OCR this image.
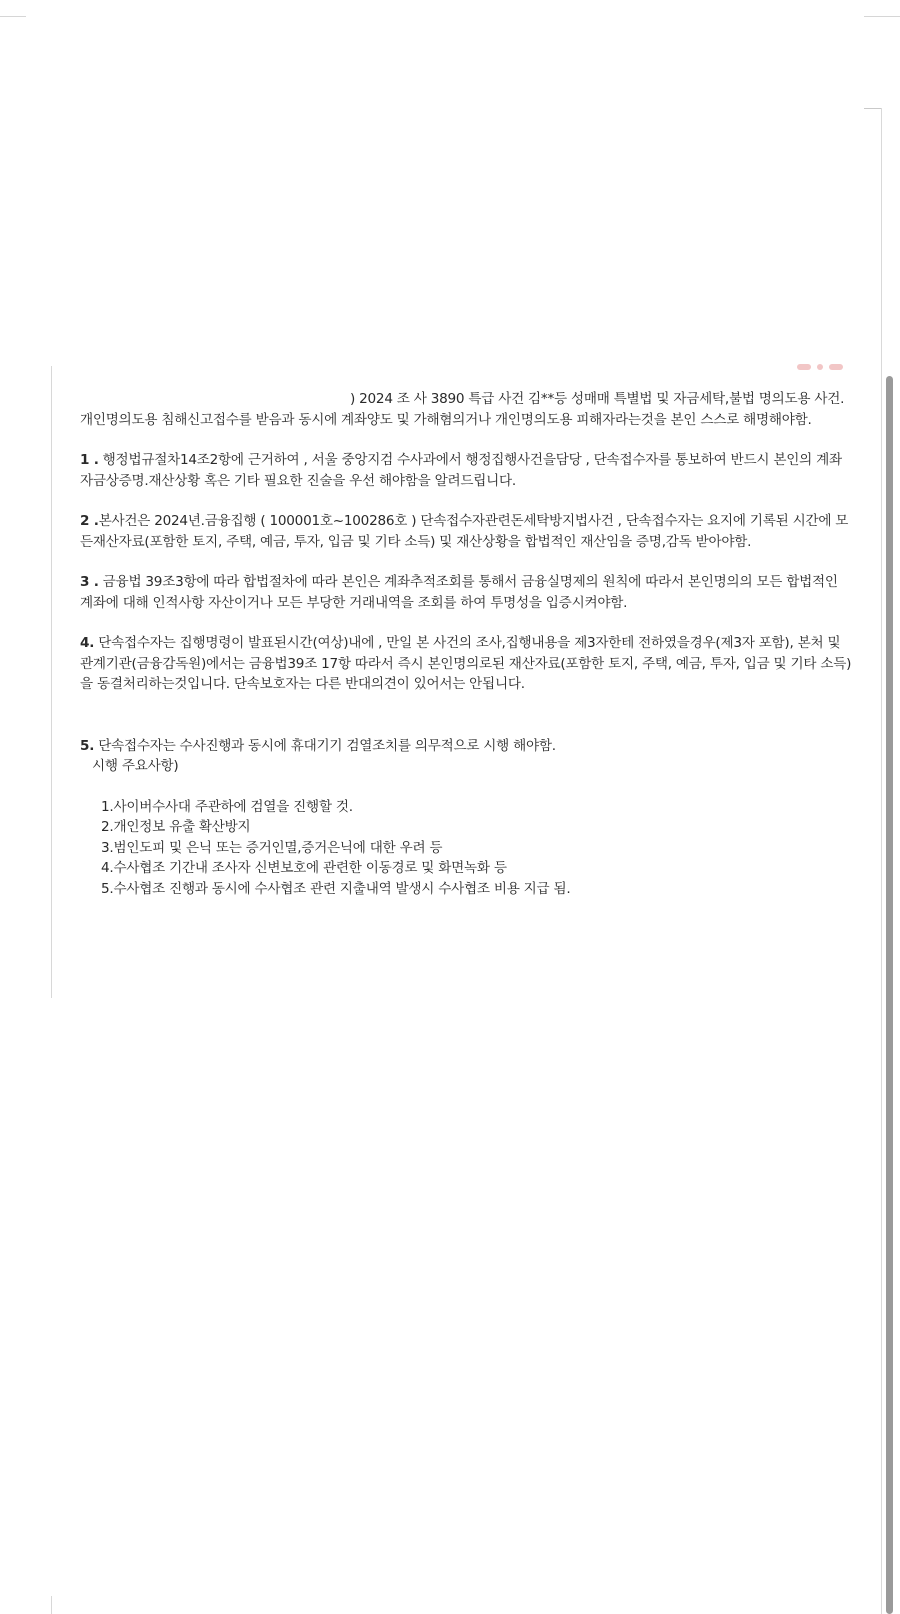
) 2024 조 사 3890 특급 사건 김**등 성매매 특별법 및 자금세탁,불법 명의도용 사건. 개인명의도용 침해신고접수를 받음과 동시에 계좌양도 및 가해혐의거나 개인명의도용 피해자라는것을 본인 스스로 해명해야함.

1 . 행정법규절차14조2항에 근거하여 , 서울 중앙지검 수사과에서 행정집행사건을담당 , 단속접수자를 통보하여 반드시 본인의 계좌자금상증명.재산상황 혹은 기타 필요한 진술을 우선 해야함을 알려드립니다.

2 .본사건은 2024년.금융집행 ( 100001호~100286호 ) 단속접수자관련돈세탁방지법사건 , 단속접수자는 요지에 기록된 시간에 모든재산자료(포함한 토지, 주택, 예금, 투자, 입금 및 기타 소득) 및 재산상황을 합법적인 재산임을 증명,감독 받아야함.

3 . 금융법 39조3항에 따라 합법절차에 따라 본인은 계좌추적조회를 통해서 금융실명제의 원칙에 따라서 본인명의의 모든 합법적인 계좌에 대해 인적사항 자산이거나 모든 부당한 거래내역을 조회를 하여 투명성을 입증시켜야함.

4. 단속접수자는 집행명령이 발표된시간(여상)내에 , 만일 본 사건의 조사,집행내용을 제3자한테 전하였을경우(제3자 포함), 본처 및 관계기관(금융감독원)에서는 금융법39조 17항 따라서 즉시 본인명의로된 재산자료(포함한 토지, 주택, 예금, 투자, 입금 및 기타 소득)을 동결처리하는것입니다. 단속보호자는 다른 반대의견이 있어서는 안됩니다.

5. 단속접수자는 수사진행과 동시에 휴대기기 검열조치를 의무적으로 시행 해야함.

시행 주요사항)

1.사이버수사대 주관하에 검열을 진행할 것.

2.개인정보 유출 확산방지

3.범인도피 및 은닉 또는 증거인멸,증거은닉에 대한 우려 등

4.수사협조 기간내 조사자 신변보호에 관련한 이동경로 및 화면녹화 등

5.수사협조 진행과 동시에 수사협조 관련 지출내역 발생시 수사협조 비용 지급 됨.
